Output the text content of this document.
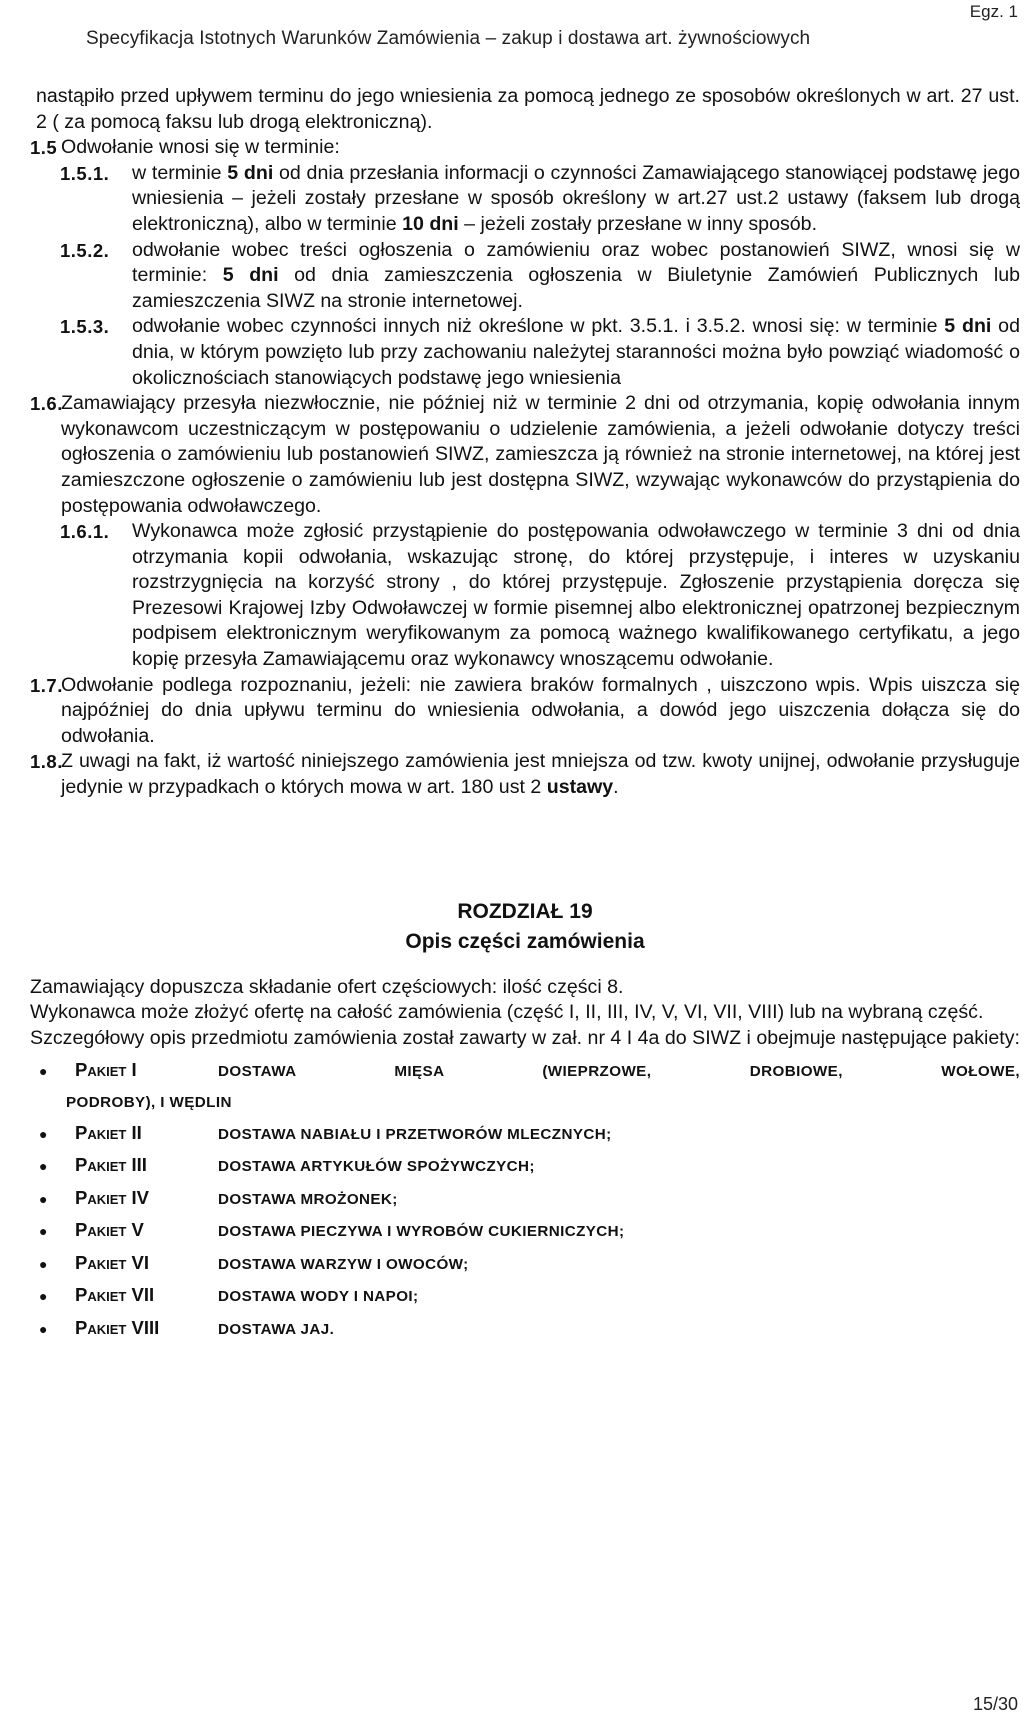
Egz. 1
Specyfikacja Istotnych Warunków Zamówienia – zakup i dostawa art. żywnościowych

nastąpiło przed upływem terminu do jego wniesienia za pomocą jednego ze sposobów określonych w art. 27 ust. 2 ( za pomocą faksu lub drogą elektroniczną).

1.5 Odwołanie wnosi się w terminie:
1.5.1.	w terminie 5 dni od dnia przesłania informacji o czynności Zamawiającego stanowiącej podstawę jego wniesienia – jeżeli zostały przesłane w sposób określony w art.27 ust.2 ustawy (faksem lub drogą elektroniczną), albo w terminie 10 dni – jeżeli zostały przesłane w inny sposób.
1.5.2.	odwołanie wobec treści ogłoszenia o zamówieniu oraz wobec postanowień SIWZ, wnosi się w terminie: 5 dni od dnia zamieszczenia ogłoszenia w Biuletynie Zamówień Publicznych lub zamieszczenia SIWZ na stronie internetowej.
1.5.3.	odwołanie wobec czynności innych niż określone w pkt. 3.5.1. i 3.5.2. wnosi się: w terminie 5 dni od dnia, w którym powzięto lub przy zachowaniu należytej staranności można było powziąć wiadomość o okolicznościach stanowiących podstawę jego wniesienia
1.6.
Zamawiający przesyła niezwłocznie, nie później niż w terminie 2 dni od otrzymania, kopię odwołania innym wykonawcom uczestniczącym w postępowaniu o udzielenie zamówienia, a jeżeli odwołanie dotyczy treści ogłoszenia o zamówieniu lub postanowień SIWZ, zamieszcza ją również na stronie internetowej, na której jest zamieszczone ogłoszenie o zamówieniu lub jest dostępna SIWZ, wzywając wykonawców do przystąpienia do postępowania odwoławczego.
1.6.1.	Wykonawca może zgłosić przystąpienie do postępowania odwoławczego w terminie 3 dni od dnia otrzymania kopii odwołania, wskazując stronę, do której przystępuje, i interes w uzyskaniu rozstrzygnięcia na korzyść strony , do której przystępuje. Zgłoszenie przystąpienia doręcza się Prezesowi Krajowej Izby Odwoławczej w formie pisemnej albo elektronicznej opatrzonej bezpiecznym podpisem elektronicznym weryfikowanym za pomocą ważnego kwalifikowanego certyfikatu, a jego kopię przesyła Zamawiającemu oraz wykonawcy wnoszącemu odwołanie.
1.7.
Odwołanie podlega rozpoznaniu, jeżeli: nie zawiera braków formalnych , uiszczono wpis. Wpis uiszcza się najpóźniej do dnia upływu terminu do wniesienia odwołania, a dowód jego uiszczenia dołącza się do odwołania.
1.8.
Z uwagi na fakt, iż wartość niniejszego zamówienia jest mniejsza od tzw. kwoty unijnej, odwołanie przysługuje jedynie w przypadkach o których mowa w art. 180 ust 2 ustawy.
ROZDZIAŁ 19
Opis części zamówienia

Zamawiający dopuszcza składanie ofert częściowych: ilość części 8.

Wykonawca może złożyć ofertę na całość zamówienia (część I, II, III, IV, V, VI, VII, VIII) lub na wybraną część.

Szczegółowy opis przedmiotu zamówienia został zawarty w zał. nr 4 I 4a do SIWZ i obejmuje następujące pakiety:

●	Pakiet I	DOSTAWA MIĘSA (WIEPRZOWE, DROBIOWE, WOŁOWE,
PODROBY), I WĘDLIN
●	Pakiet II	DOSTAWA NABIAŁU I PRZETWORÓW MLECZNYCH;
●	Pakiet III	DOSTAWA ARTYKUŁÓW SPOŻYWCZYCH;
●	Pakiet IV	DOSTAWA MROŻONEK;
●	Pakiet V	DOSTAWA PIECZYWA I WYROBÓW CUKIERNICZYCH;
●	Pakiet VI	DOSTAWA WARZYW I OWOCÓW;
●	Pakiet VII	DOSTAWA WODY I NAPOI;
●	Pakiet VIII	DOSTAWA JAJ.
15/30
